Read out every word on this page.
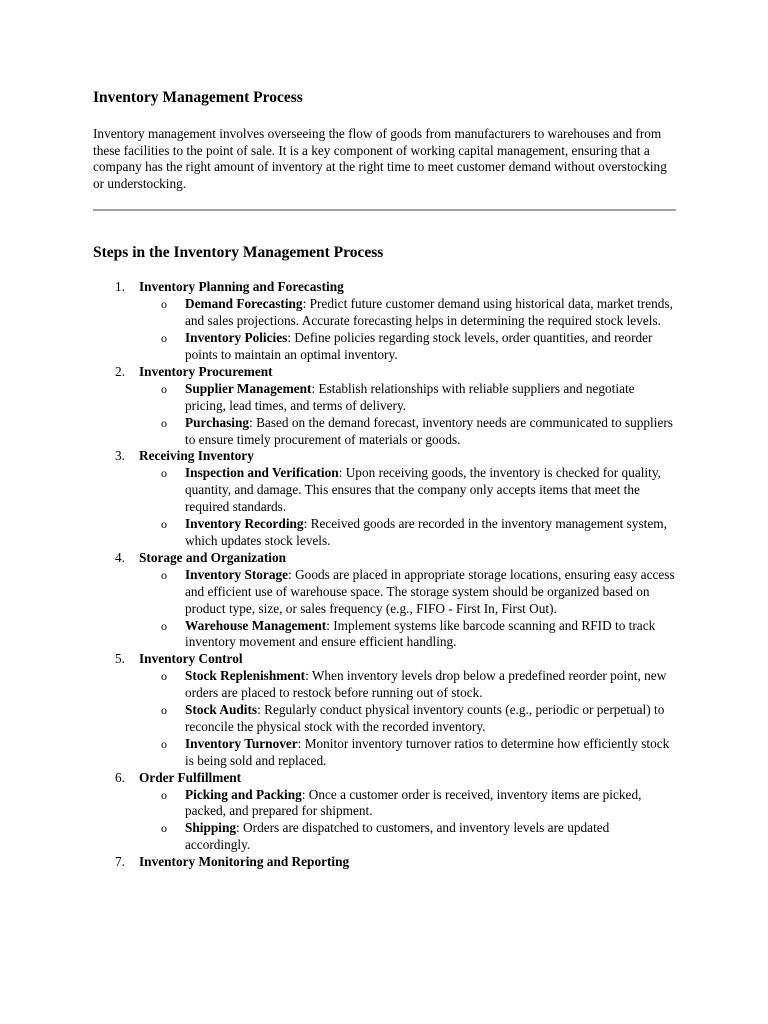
Inventory Management Process

Inventory management involves overseeing the flow of goods from manufacturers to warehouses and from these facilities to the point of sale. It is a key component of working capital management, ensuring that a company has the right amount of inventory at the right time to meet customer demand without overstocking or understocking.

Steps in the Inventory Management Process
1. Inventory Planning and Forecasting
o Demand Forecasting: Predict future customer demand using historical data, market trends, and sales projections. Accurate forecasting helps in determining the required stock levels.
o Inventory Policies: Define policies regarding stock levels, order quantities, and reorder points to maintain an optimal inventory.
2. Inventory Procurement
o Supplier Management: Establish relationships with reliable suppliers and negotiate pricing, lead times, and terms of delivery.
o Purchasing: Based on the demand forecast, inventory needs are communicated to suppliers to ensure timely procurement of materials or goods.
3. Receiving Inventory
o Inspection and Verification: Upon receiving goods, the inventory is checked for quality, quantity, and damage. This ensures that the company only accepts items that meet the required standards.
o Inventory Recording: Received goods are recorded in the inventory management system, which updates stock levels.
4. Storage and Organization
o Inventory Storage: Goods are placed in appropriate storage locations, ensuring easy access and efficient use of warehouse space. The storage system should be organized based on product type, size, or sales frequency (e.g., FIFO - First In, First Out).
o Warehouse Management: Implement systems like barcode scanning and RFID to track inventory movement and ensure efficient handling.
5. Inventory Control
o Stock Replenishment: When inventory levels drop below a predefined reorder point, new orders are placed to restock before running out of stock.
o Stock Audits: Regularly conduct physical inventory counts (e.g., periodic or perpetual) to reconcile the physical stock with the recorded inventory.
o Inventory Turnover: Monitor inventory turnover ratios to determine how efficiently stock is being sold and replaced.
6. Order Fulfillment
o Picking and Packing: Once a customer order is received, inventory items are picked, packed, and prepared for shipment.
o Shipping: Orders are dispatched to customers, and inventory levels are updated accordingly.
7. Inventory Monitoring and Reporting
